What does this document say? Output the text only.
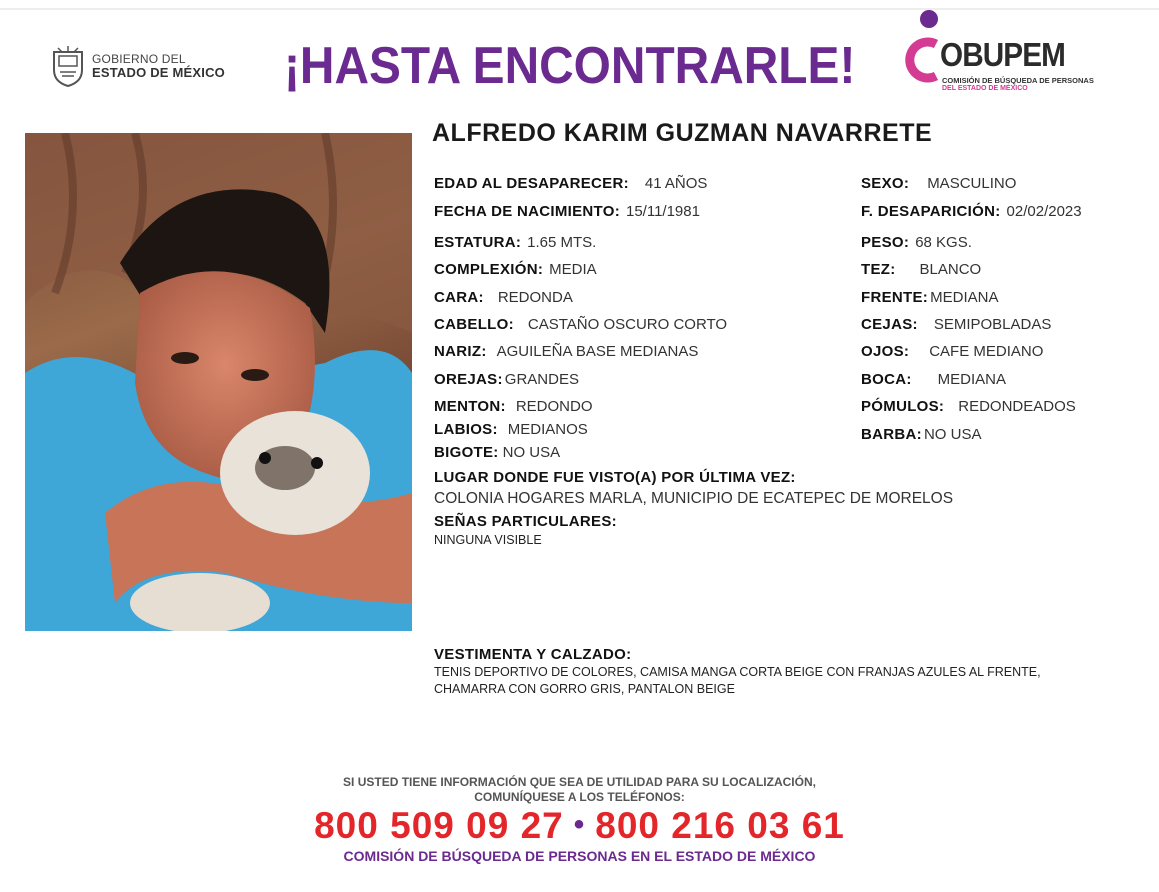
GOBIERNO DEL
ESTADO DE MÉXICO ¡HASTA ENCONTRARLE!	OBUPEM
COMISIÓN DE BÚSQUEDA DE PERSONAS
DEL ESTADO DE MÉXICO
ALFREDO KARIM GUZMAN NAVARRETE
EDAD AL DESAPARECER: 41 AÑOS
FECHA DE NACIMIENTO: 15/11/1981
ESTATURA: 1.65 MTS.
COMPLEXIÓN: MEDIA
CARA: REDONDA
CABELLO: CASTAÑO OSCURO CORTO
NARIZ: AGUILEÑA BASE MEDIANAS
OREJAS: GRANDES
MENTON: REDONDO
LABIOS: MEDIANOS
BIGOTE: NO USA
SEXO: MASCULINO
F. DESAPARICIÓN: 02/02/2023
PESO: 68 KGS.
TEZ: BLANCO
FRENTE: MEDIANA
CEJAS: SEMIPOBLADAS
OJOS: CAFE MEDIANO
BOCA: MEDIANA
PÓMULOS: REDONDEADOS
BARBA: NO USA
LUGAR DONDE FUE VISTO(A) POR ÚLTIMA VEZ:
COLONIA HOGARES MARLA, MUNICIPIO DE ECATEPEC DE MORELOS
SEÑAS PARTICULARES:
NINGUNA VISIBLE
VESTIMENTA Y CALZADO:
TENIS DEPORTIVO DE COLORES, CAMISA MANGA CORTA BEIGE CON FRANJAS AZULES AL FRENTE,
CHAMARRA CON GORRO GRIS, PANTALON BEIGE
SI USTED TIENE INFORMACIÓN QUE SEA DE UTILIDAD PARA SU LOCALIZACIÓN,
COMUNÍQUESE A LOS TELÉFONOS:
800 509 09 27 • 800 216 03 61
COMISIÓN DE BÚSQUEDA DE PERSONAS EN EL ESTADO DE MÉXICO
